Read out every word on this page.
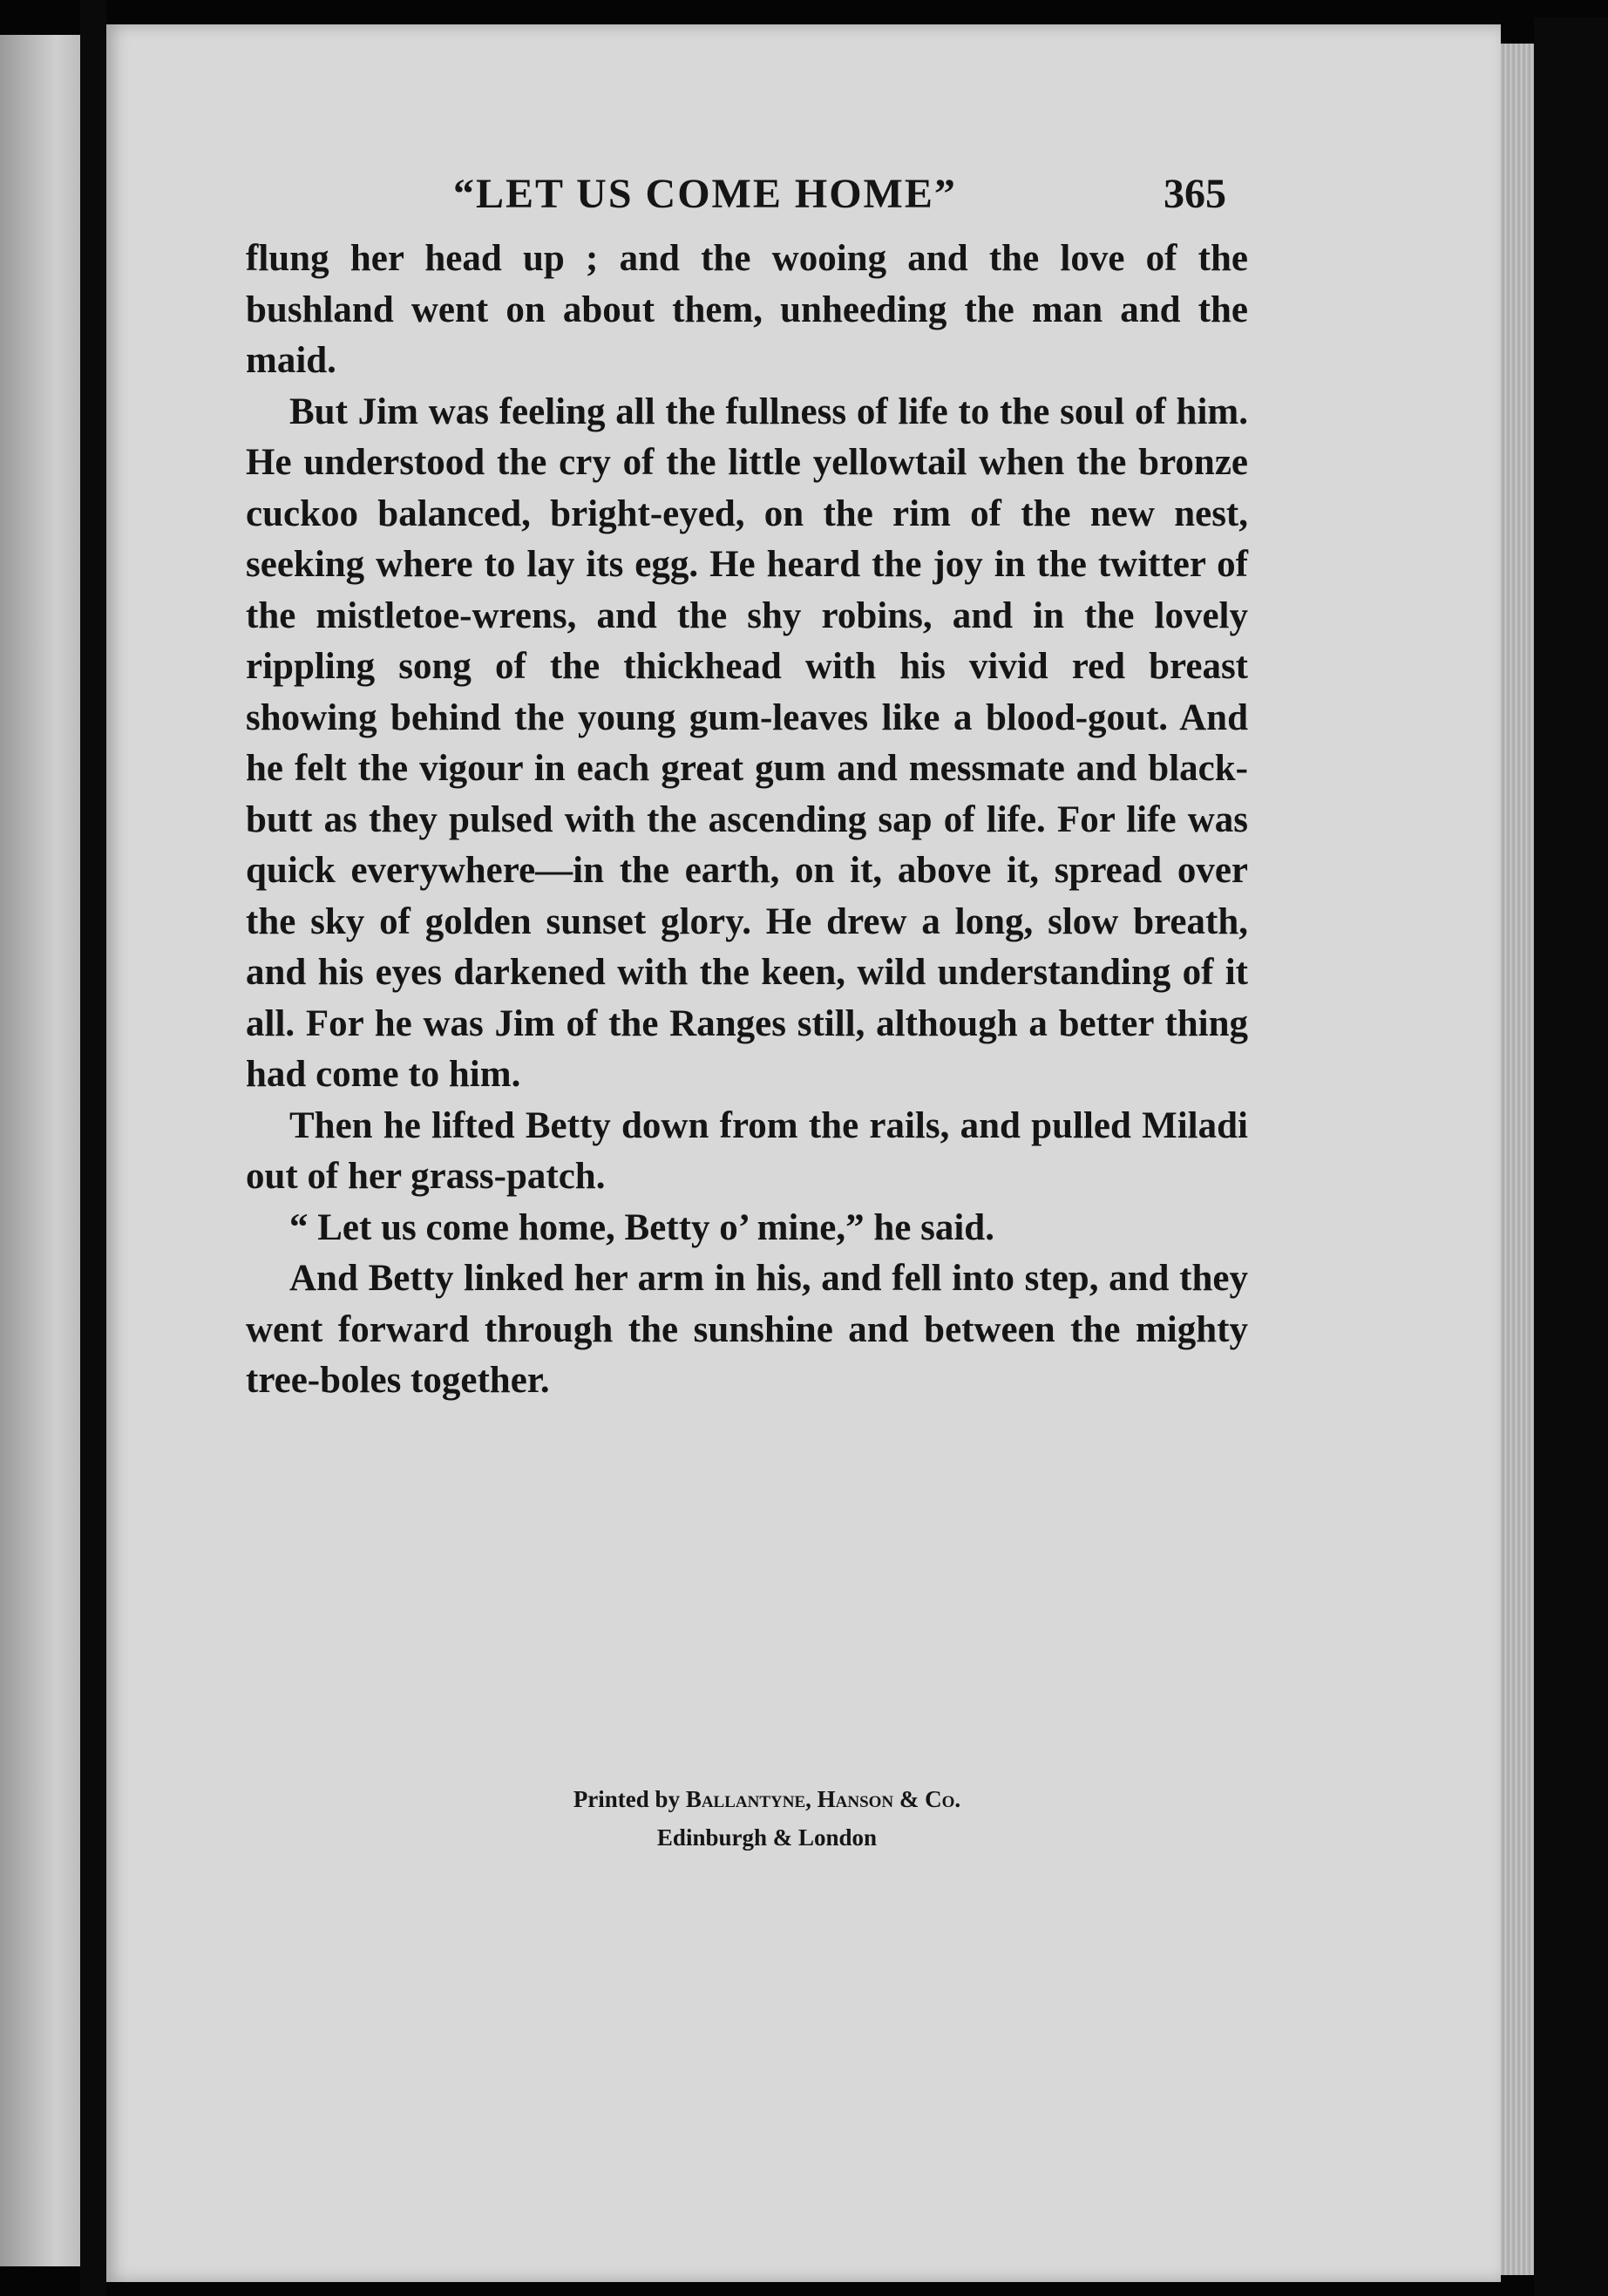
“LET US COME HOME”	365

flung her head up ; and the wooing and the love of the bushland went on about them, unheeding the man and the maid.

But Jim was feeling all the fullness of life to the soul of him. He understood the cry of the little yellowtail when the bronze cuckoo balanced, bright-eyed, on the rim of the new nest, seeking where to lay its egg. He heard the joy in the twitter of the mistletoe-wrens, and the shy robins, and in the lovely rippling song of the thickhead with his vivid red breast showing behind the young gum-leaves like a blood-gout. And he felt the vigour in each great gum and messmate and black-butt as they pulsed with the ascending sap of life. For life was quick everywhere—in the earth, on it, above it, spread over the sky of golden sunset glory. He drew a long, slow breath, and his eyes darkened with the keen, wild understanding of it all. For he was Jim of the Ranges still, although a better thing had come to him.

Then he lifted Betty down from the rails, and pulled Miladi out of her grass-patch.

“ Let us come home, Betty o’ mine,” he said.

And Betty linked her arm in his, and fell into step, and they went forward through the sunshine and between the mighty tree-boles together.

Printed by Ballantyne, Hanson & Co.
Edinburgh & London
